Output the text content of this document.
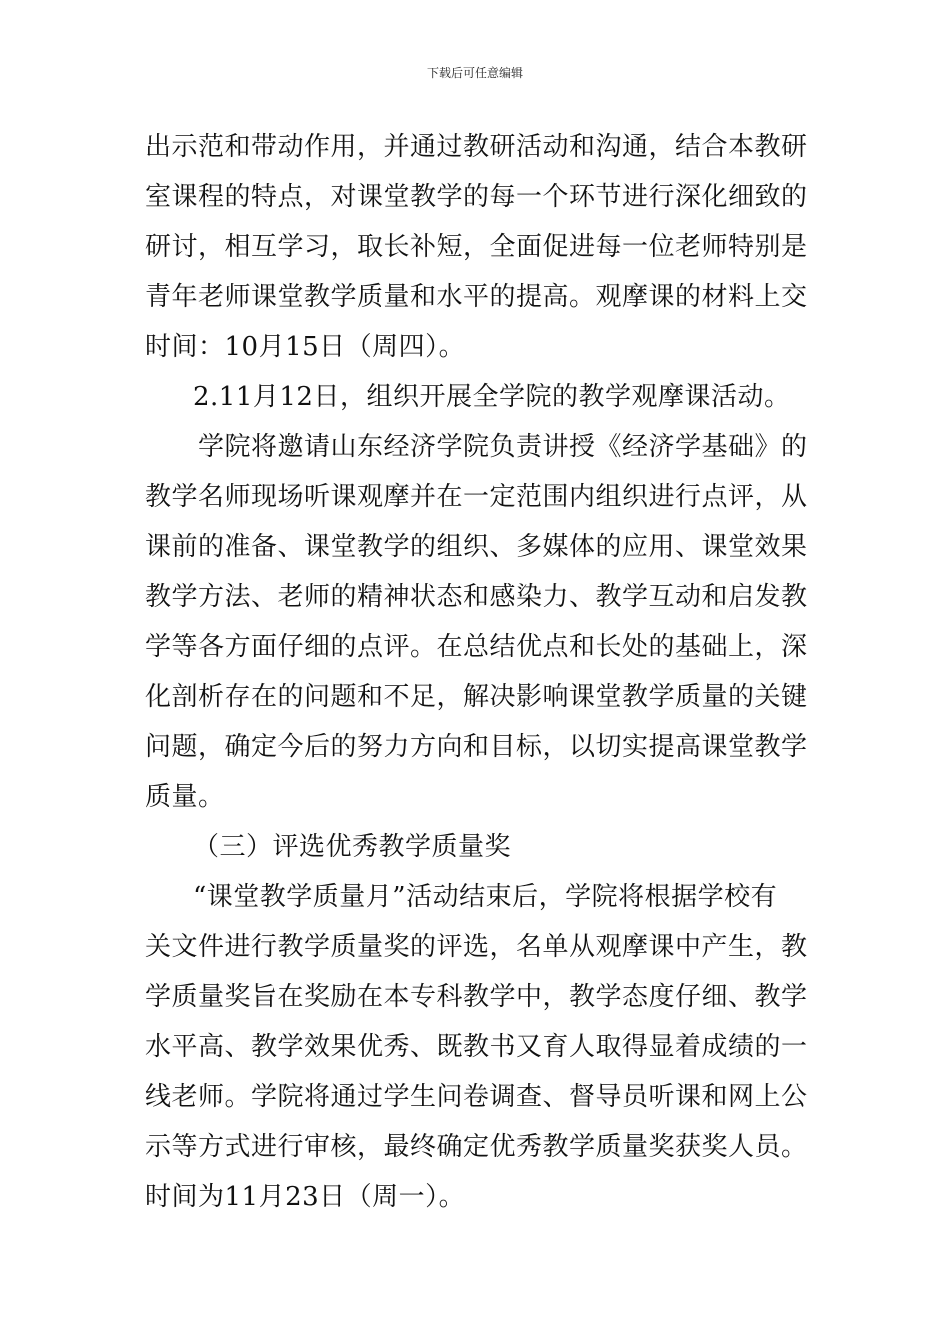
下载后可任意编辑
出示范和带动作用，并通过教研活动和沟通，结合本教研
室课程的特点，对课堂教学的每一个环节进行深化细致的
研讨，相互学习，取长补短，全面促进每一位老师特别是
青年老师课堂教学质量和水平的提高。观摩课的材料上交
时间：10月15日（周四）。
2.11月12日，组织开展全学院的教学观摩课活动。
学院将邀请山东经济学院负责讲授《经济学基础》的
教学名师现场听课观摩并在一定范围内组织进行点评，从
课前的准备、课堂教学的组织、多媒体的应用、课堂效果
教学方法、老师的精神状态和感染力、教学互动和启发教
学等各方面仔细的点评。在总结优点和长处的基础上，深
化剖析存在的问题和不足，解决影响课堂教学质量的关键
问题，确定今后的努力方向和目标，以切实提高课堂教学
质量。
（三）评选优秀教学质量奖
“课堂教学质量月”活动结束后，学院将根据学校有
关文件进行教学质量奖的评选，名单从观摩课中产生，教
学质量奖旨在奖励在本专科教学中，教学态度仔细、教学
水平高、教学效果优秀、既教书又育人取得显着成绩的一
线老师。学院将通过学生问卷调查、督导员听课和网上公
示等方式进行审核，最终确定优秀教学质量奖获奖人员。
时间为11月23日（周一）。
